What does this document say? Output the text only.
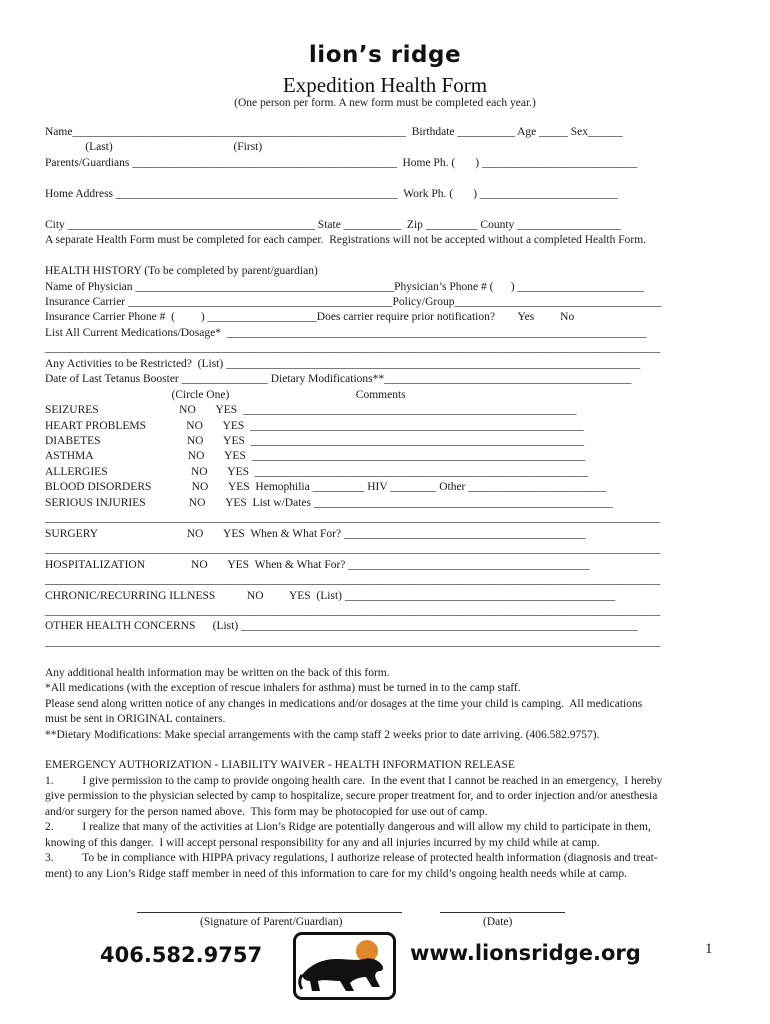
lion’s ridge
Expedition Health Form
(One person per form. A new form must be completed each year.)
Name__________________________________________________________  Birthdate __________ Age _____ Sex______
(Last)                                          (First)
Parents/Guardians ______________________________________________  Home Ph. (       ) ___________________________
Home Address _________________________________________________  Work Ph. (       ) ________________________
City ___________________________________________ State __________  Zip _________ County __________________
A separate Health Form must be completed for each camper.  Registrations will not be accepted without a completed Health Form.
HEALTH HISTORY (To be completed by parent/guardian)
Name of Physician _____________________________________________Physician’s Phone # (      ) ______________________
Insurance Carrier ______________________________________________Policy/Group____________________________________
Insurance Carrier Phone #  (         ) ___________________Does carrier require prior notification?        Yes         No
List All Current Medications/Dosage*  _________________________________________________________________________
___________________________________________________________________________________________________________
Any Activities to be Restricted?  (List) ________________________________________________________________________
Date of Last Tetanus Booster _______________ Dietary Modifications**___________________________________________
(Circle One)                                            Comments
SEIZURES                            NO       YES  __________________________________________________________
HEART PROBLEMS              NO       YES  __________________________________________________________
DIABETES                              NO       YES  __________________________________________________________
ASTHMA                                 NO       YES  __________________________________________________________
ALLERGIES                             NO       YES  __________________________________________________________
BLOOD DISORDERS              NO       YES  Hemophilia _________ HIV ________ Other ________________________
SERIOUS INJURIES               NO       YES  List w/Dates ____________________________________________________
___________________________________________________________________________________________________________
SURGERY                               NO       YES  When & What For? __________________________________________
___________________________________________________________________________________________________________
HOSPITALIZATION                NO       YES  When & What For? __________________________________________
___________________________________________________________________________________________________________
CHRONIC/RECURRING ILLNESS           NO         YES  (List) _______________________________________________
___________________________________________________________________________________________________________
OTHER HEALTH CONCERNS      (List) _____________________________________________________________________
___________________________________________________________________________________________________________
Any additional health information may be written on the back of this form.
*All medications (with the exception of rescue inhalers for asthma) must be turned in to the camp staff.
Please send along written notice of any changes in medications and/or dosages at the time your child is camping.  All medications
must be sent in ORIGINAL containers.
**Dietary Modifications: Make special arrangements with the camp staff 2 weeks prior to date arriving. (406.582.9757).
EMERGENCY AUTHORIZATION - LIABILITY WAIVER - HEALTH INFORMATION RELEASE
1.          I give permission to the camp to provide ongoing health care.  In the event that I cannot be reached in an emergency,  I hereby
give permission to the physician selected by camp to hospitalize, secure proper treatment for, and to order injection and/or anesthesia
and/or surgery for the person named above.  This form may be photocopied for use out of camp.
2.          I realize that many of the activities at Lion’s Ridge are potentially dangerous and will allow my child to participate in them,
knowing of this danger.  I will accept personal responsibility for any and all injuries incurred by my child while at camp.
3.          To be in compliance with HIPPA privacy regulations, I authorize release of protected health information (diagnosis and treat-
ment) to any Lion’s Ridge staff member in need of this information to care for my child’s ongoing health needs while at camp.
(Signature of Parent/Guardian)	(Date)
406.582.9757	www.lionsridge.org	1
